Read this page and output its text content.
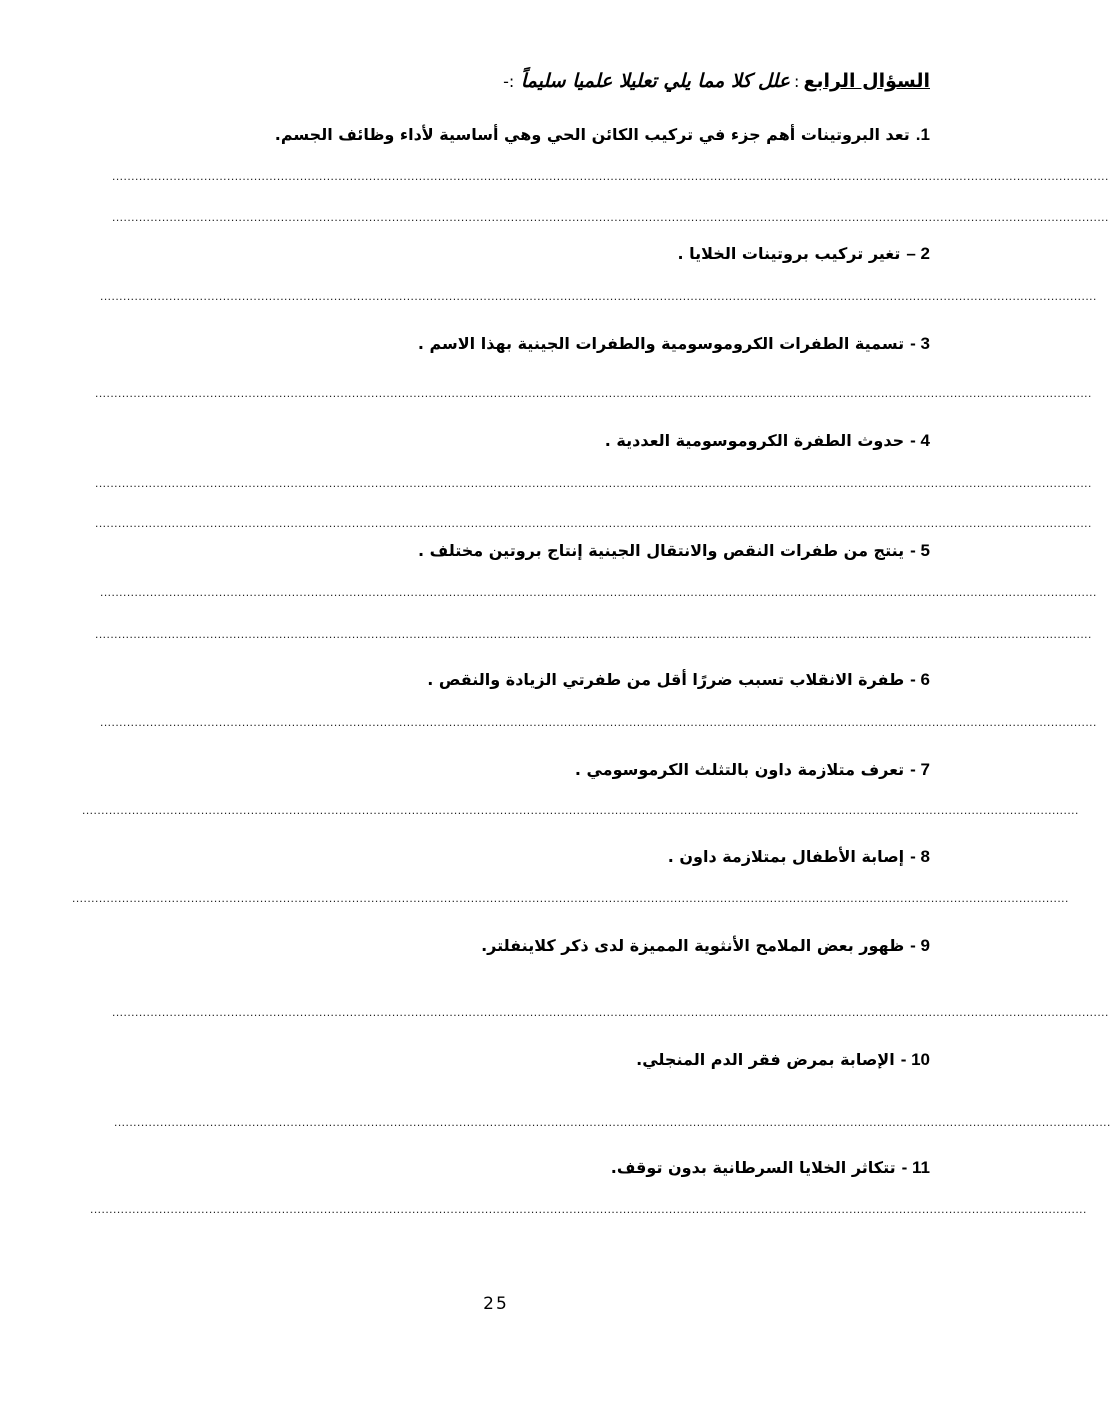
السؤال الرابع:علل كلا مما يلي تعليلا علميا سليماً :-
1.تعد البروتينات أهم جزء في تركيب الكائن الحي وهي أساسية لأداء وظائف الجسم.
....................................................................................................................................................................................................................................................................
....................................................................................................................................................................................................................................................................
2 –تغير تركيب بروتينات الخلايا .
....................................................................................................................................................................................................................................................................
3 -تسمية الطفرات الكروموسومية والطفرات الجينية بهذا الاسم .
....................................................................................................................................................................................................................................................................
4 -حدوث الطفرة الكروموسومية العددية .
....................................................................................................................................................................................................................................................................
....................................................................................................................................................................................................................................................................
5 -ينتج من طفرات النقص والانتقال الجينية إنتاج بروتين مختلف .
....................................................................................................................................................................................................................................................................
....................................................................................................................................................................................................................................................................
6 -طفرة الانقلاب تسبب ضررًا أقل من طفرتي الزيادة والنقص .
....................................................................................................................................................................................................................................................................
7 -تعرف متلازمة داون بالتثلث الكرموسومي .
....................................................................................................................................................................................................................................................................
8 -إصابة الأطفال بمتلازمة داون .
....................................................................................................................................................................................................................................................................
9 -ظهور بعض الملامح الأنثوية المميزة لدى ذكر كلاينفلتر.
....................................................................................................................................................................................................................................................................
10 -الإصابة بمرض فقر الدم المنجلي.
....................................................................................................................................................................................................................................................................
11 -تتكاثر الخلايا السرطانية بدون توقف.
....................................................................................................................................................................................................................................................................
25
